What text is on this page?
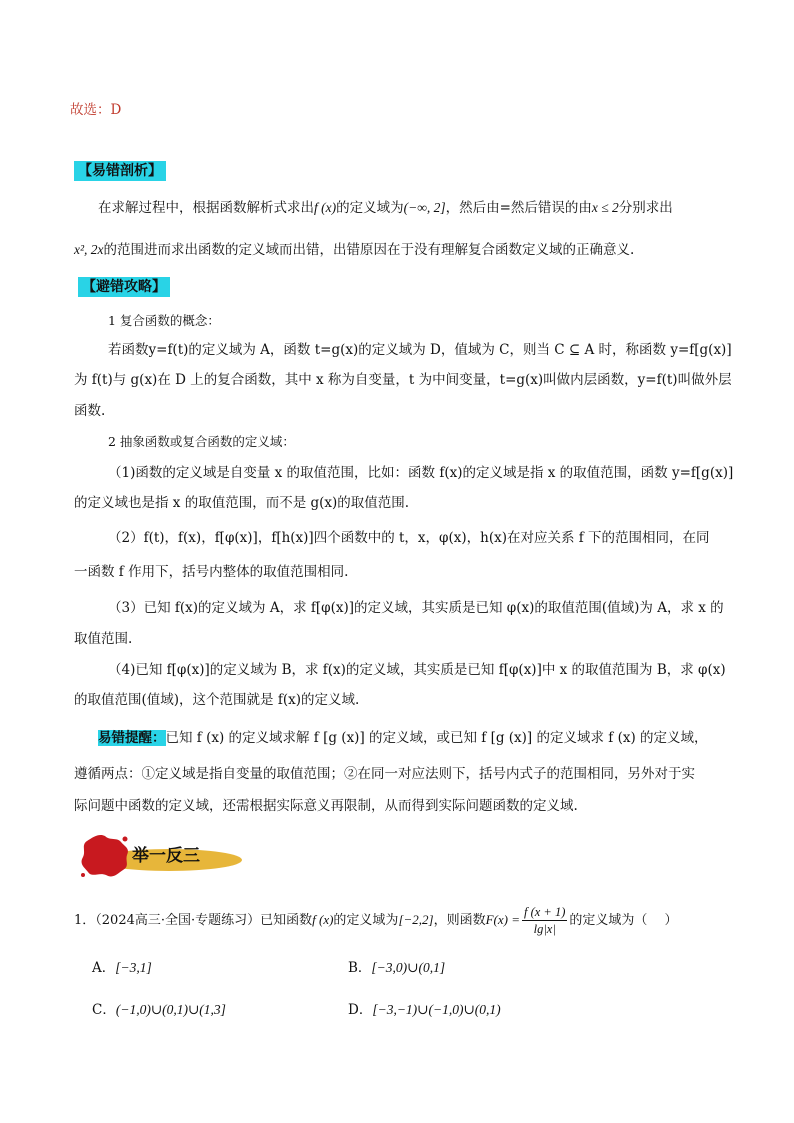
故选：D
【易错剖析】
在求解过程中，根据函数解析式求出f (x)的定义域为(−∞, 2]，然后由=然后错误的由x ≤ 2分别求出
x², 2x的范围进而求出函数的定义域而出错，出错原因在于没有理解复合函数定义域的正确意义.
【避错攻略】
1 复合函数的概念：
若函数y=f(t)的定义域为 A，函数 t=g(x)的定义域为 D，值域为 C，则当 C ⊆ A 时，称函数 y=f[g(x)]
为 f(t)与 g(x)在 D 上的复合函数，其中 x 称为自变量，t 为中间变量，t=g(x)叫做内层函数，y=f(t)叫做外层
函数.
2 抽象函数或复合函数的定义域：
（1)函数的定义域是自变量 x 的取值范围，比如：函数 f(x)的定义域是指 x 的取值范围，函数 y=f[g(x)]
的定义域也是指 x 的取值范围，而不是 g(x)的取值范围.
（2）f(t)，f(x)，f[φ(x)]，f[h(x)]四个函数中的 t，x，φ(x)，h(x)在对应关系 f 下的范围相同，在同
一函数 f 作用下，括号内整体的取值范围相同.
（3）已知 f(x)的定义域为 A，求 f[φ(x)]的定义域，其实质是已知 φ(x)的取值范围(值域)为 A，求 x 的
取值范围.
（4)已知 f[φ(x)]的定义域为 B，求 f(x)的定义域，其实质是已知 f[φ(x)]中 x 的取值范围为 B，求 φ(x)
的取值范围(值域)，这个范围就是 f(x)的定义域.
易错提醒：已知 f (x) 的定义域求解 f [g (x)] 的定义域，或已知 f [g (x)] 的定义域求 f (x) 的定义域，
遵循两点：①定义域是指自变量的取值范围；②在同一对应法则下，括号内式子的范围相同，另外对于实
际问题中函数的定义域，还需根据实际意义再限制，从而得到实际问题函数的定义域.
举一反三
1．（2024高三·全国·专题练习）已知函数f (x)的定义域为[−2,2]，则函数$F(x) = \frac{f (x + 1)}{\lg|x|}$ 的定义域为（　 ）
A．[−3,1]	B．[−3,0)∪(0,1]
C．(−1,0)∪(0,1)∪(1,3]	D．[−3,−1)∪(−1,0)∪(0,1)
